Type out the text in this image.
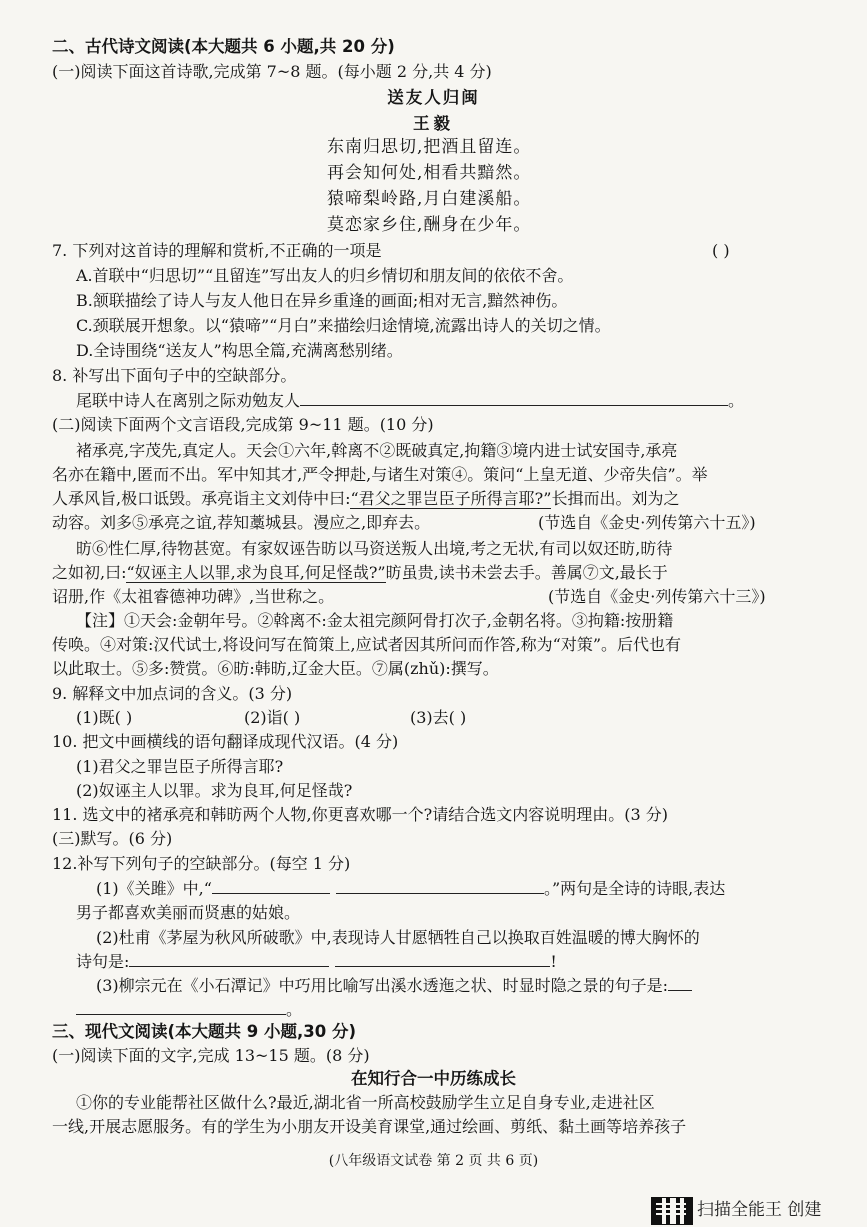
二、古代诗文阅读(本大题共 6 小题,共 20 分)
(一)阅读下面这首诗歌,完成第 7~8 题。(每小题 2 分,共 4 分)
送友人归闽
王毅
东南归思切,把酒且留连。
再会知何处,相看共黯然。
猿啼梨岭路,月白建溪船。
莫恋家乡住,酬身在少年。
7. 下列对这首诗的理解和赏析,不正确的一项是	( )
A.首联中“归思切”“且留连”写出友人的归乡情切和朋友间的依依不舍。
B.颔联描绘了诗人与友人他日在异乡重逢的画面;相对无言,黯然神伤。
C.颈联展开想象。以“猿啼”“月白”来描绘归途情境,流露出诗人的关切之情。
D.全诗围绕“送友人”构思全篇,充满离愁别绪。
8. 补写出下面句子中的空缺部分。
尾联中诗人在离别之际劝勉友人	。
(二)阅读下面两个文言语段,完成第 9~11 题。(10 分)
褚承亮,字茂先,真定人。天会①六年,斡离不②既破真定,拘籍③境内进士试安国寺,承亮
名亦在籍中,匿而不出。军中知其才,严令押赴,与诸生对策④。策问“上皇无道、少帝失信”。举
人承风旨,极口诋毁。承亮诣主文刘侍中曰:“君父之罪岂臣子所得言耶?”长揖而出。刘为之
动容。刘多⑤承亮之谊,荐知藁城县。漫应之,即弃去。	(节选自《金史·列传第六十五》)
昉⑥性仁厚,待物甚宽。有家奴诬告昉以马资送叛人出境,考之无状,有司以奴还昉,昉待
之如初,曰:“奴诬主人以罪,求为良耳,何足怪哉?”昉虽贵,读书未尝去手。善属⑦文,最长于
诏册,作《太祖睿德神功碑》,当世称之。	(节选自《金史·列传第六十三》)
【注】①天会:金朝年号。②斡离不:金太祖完颜阿骨打次子,金朝名将。③拘籍:按册籍
传唤。④对策:汉代试士,将设问写在简策上,应试者因其所问而作答,称为“对策”。后代也有
以此取士。⑤多:赞赏。⑥昉:韩昉,辽金大臣。⑦属(zhǔ):撰写。
9. 解释文中加点词的含义。(3 分)
(1)既( )	(2)诣( )	(3)去( )
10. 把文中画横线的语句翻译成现代汉语。(4 分)
(1)君父之罪岂臣子所得言耶?
(2)奴诬主人以罪。求为良耳,何足怪哉?
11. 选文中的褚承亮和韩昉两个人物,你更喜欢哪一个?请结合选文内容说明理由。(3 分)
(三)默写。(6 分)
12.补写下列句子的空缺部分。(每空 1 分)
(1)《关雎》中,“	。”两句是全诗的诗眼,表达
男子都喜欢美丽而贤惠的姑娘。
(2)杜甫《茅屋为秋风所破歌》中,表现诗人甘愿牺牲自己以换取百姓温暖的博大胸怀的
诗句是:	!
(3)柳宗元在《小石潭记》中巧用比喻写出溪水透迤之状、时显时隐之景的句子是:
。
三、现代文阅读(本大题共 9 小题,30 分)
(一)阅读下面的文字,完成 13~15 题。(8 分)
在知行合一中历练成长
①你的专业能帮社区做什么?最近,湖北省一所高校鼓励学生立足自身专业,走进社区
一线,开展志愿服务。有的学生为小朋友开设美育课堂,通过绘画、剪纸、黏土画等培养孩子
(八年级语文试卷 第 2 页 共 6 页)
扫描全能王 创建
